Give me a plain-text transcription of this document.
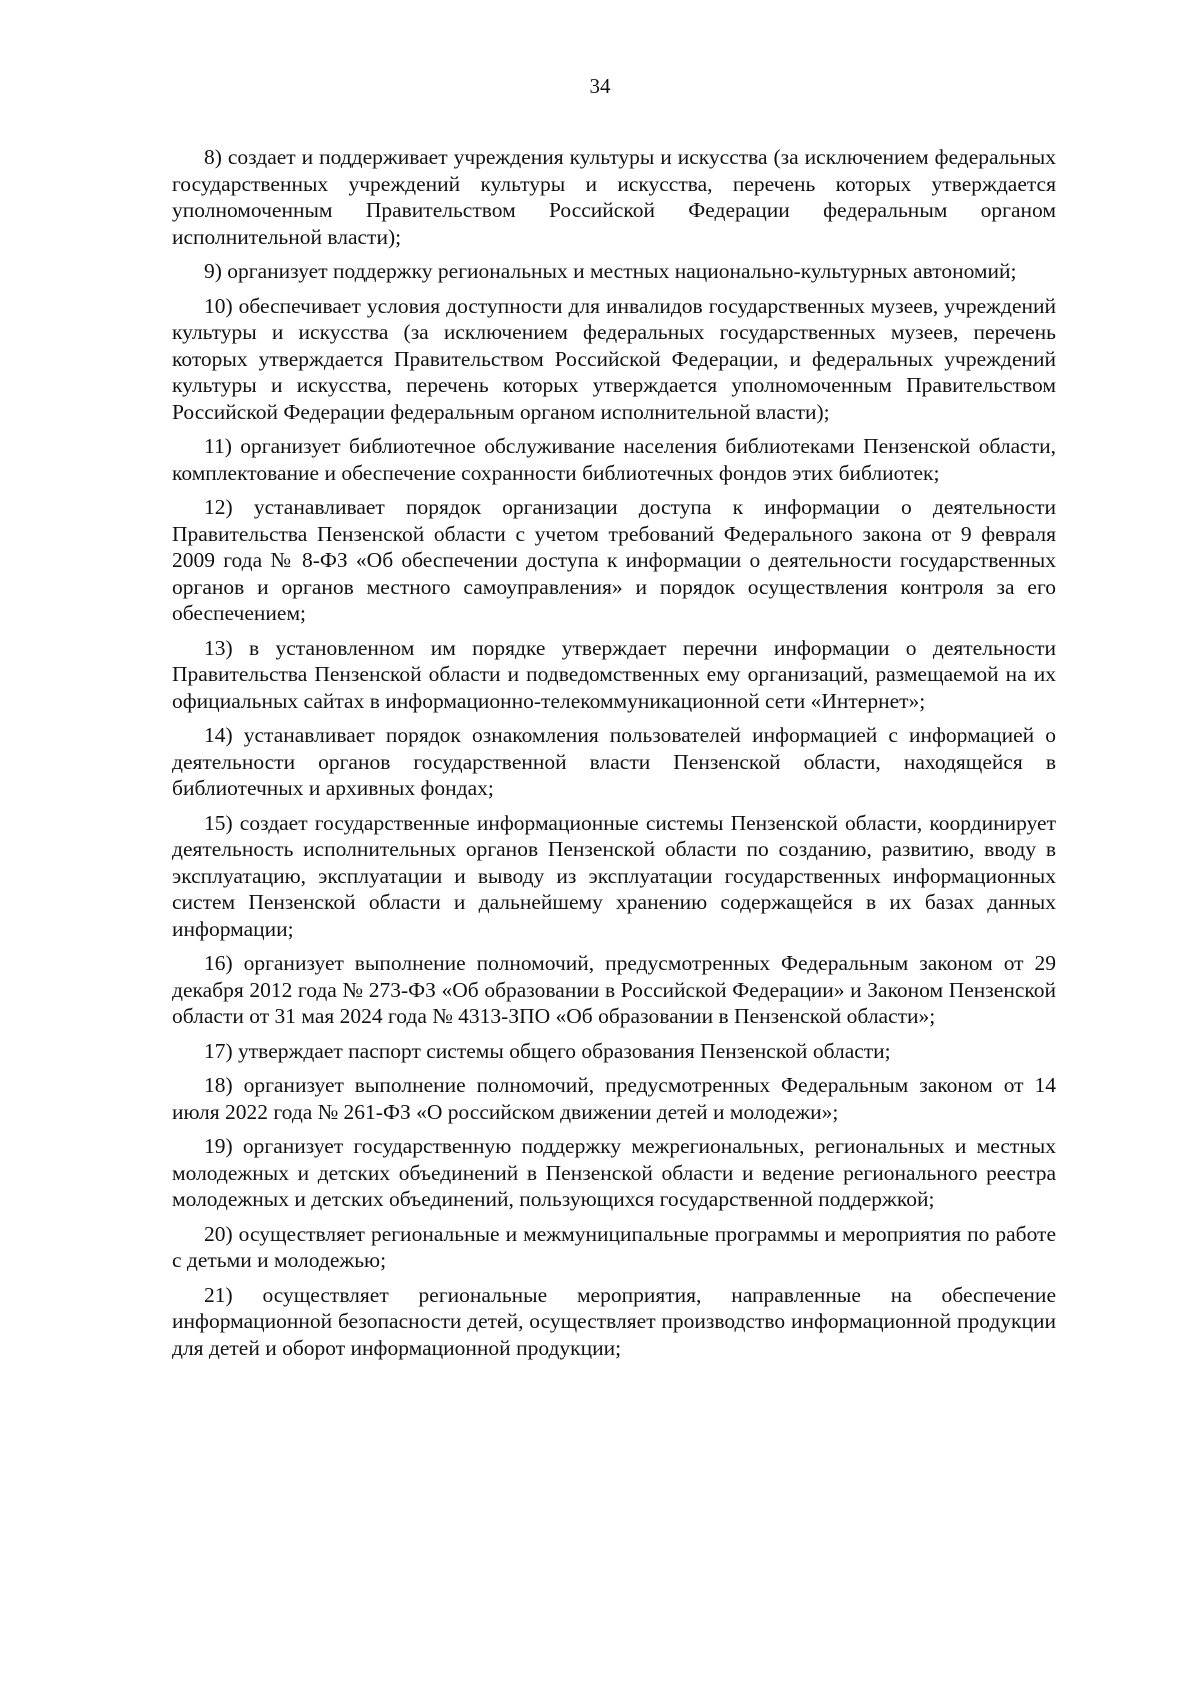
34

8) создает и поддерживает учреждения культуры и искусства (за исключением федеральных государственных учреждений культуры и искусства, перечень которых утверждается уполномоченным Правительством Российской Федерации федеральным органом исполнительной власти);

9) организует поддержку региональных и местных национально-культурных автономий;

10) обеспечивает условия доступности для инвалидов государственных музеев, учреждений культуры и искусства (за исключением федеральных государственных музеев, перечень которых утверждается Правительством Российской Федерации, и федеральных учреждений культуры и искусства, перечень которых утверждается уполномоченным Правительством Российской Федерации федеральным органом исполнительной власти);

11) организует библиотечное обслуживание населения библиотеками Пензенской области, комплектование и обеспечение сохранности библиотечных фондов этих библиотек;

12) устанавливает порядок организации доступа к информации о деятельности Правительства Пензенской области с учетом требований Федерального закона от 9 февраля 2009 года № 8-ФЗ «Об обеспечении доступа к информации о деятельности государственных органов и органов местного самоуправления» и порядок осуществления контроля за его обеспечением;

13) в установленном им порядке утверждает перечни информации о деятельности Правительства Пензенской области и подведомственных ему организаций, размещаемой на их официальных сайтах в информационно-телекоммуникационной сети «Интернет»;

14) устанавливает порядок ознакомления пользователей информацией с информацией о деятельности органов государственной власти Пензенской области, находящейся в библиотечных и архивных фондах;

15) создает государственные информационные системы Пензенской области, координирует деятельность исполнительных органов Пензенской области по созданию, развитию, вводу в эксплуатацию, эксплуатации и выводу из эксплуатации государственных информационных систем Пензенской области и дальнейшему хранению содержащейся в их базах данных информации;

16) организует выполнение полномочий, предусмотренных Федеральным законом от 29 декабря 2012 года № 273-ФЗ «Об образовании в Российской Федерации» и Законом Пензенской области от 31 мая 2024 года № 4313-ЗПО «Об образовании в Пензенской области»;

17) утверждает паспорт системы общего образования Пензенской области;

18) организует выполнение полномочий, предусмотренных Федеральным законом от 14 июля 2022 года № 261-ФЗ «О российском движении детей и молодежи»;

19) организует государственную поддержку межрегиональных, региональных и местных молодежных и детских объединений в Пензенской области и ведение регионального реестра молодежных и детских объединений, пользующихся государственной поддержкой;

20) осуществляет региональные и межмуниципальные программы и мероприятия по работе с детьми и молодежью;

21) осуществляет региональные мероприятия, направленные на обеспечение информационной безопасности детей, осуществляет производство информационной продукции для детей и оборот информационной продукции;
